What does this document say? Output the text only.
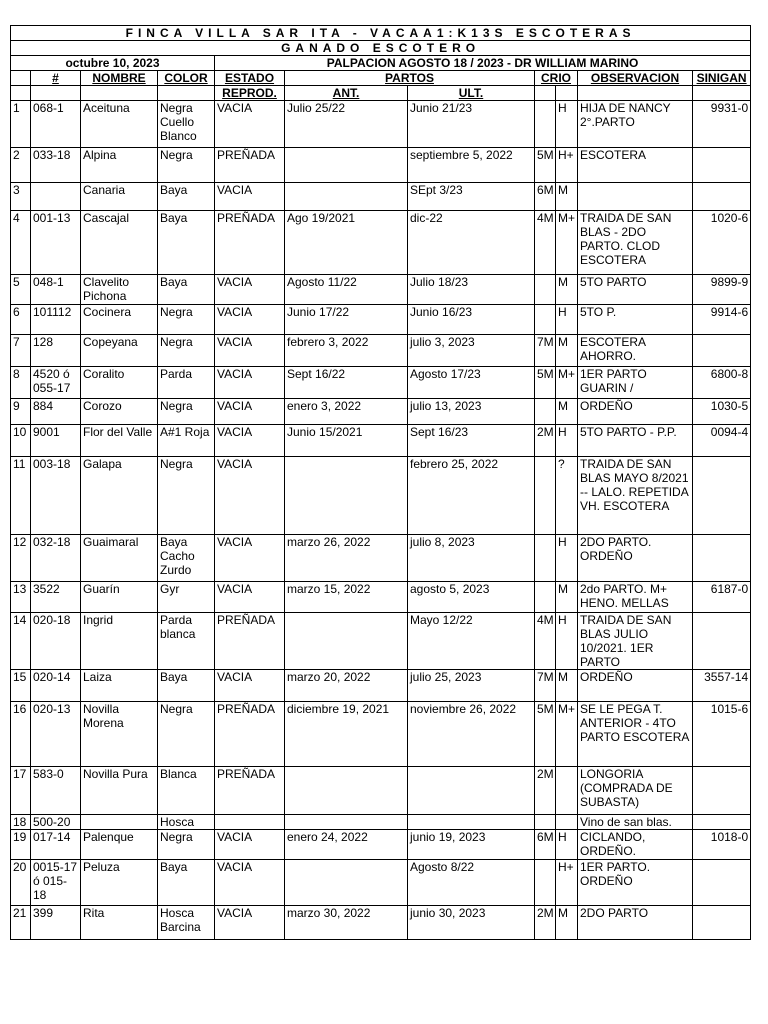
FINCA VILLA SAR ITA - VACAA1:K13S ESCOTERAS										
GANADO ESCOTERO										
octubre 10, 2023				PALPACION AGOSTO 18 / 2023 - DR WILLIAM MARINO						
	#	NOMBRE	COLOR	ESTADO	PARTOS		CRIO		OBSERVACION	SINIGAN
				REPROD.	ANT.	ULT.				
1	068-1	Aceituna	Negra Cuello Blanco	VACIA	Julio 25/22	Junio 21/23		H	HIJA DE NANCY 2°.PARTO	9931-0
2	033-18	Alpina	Negra	PREÑADA		septiembre 5, 2022	5M	H+	ESCOTERA	
3		Canaria	Baya	VACIA		SEpt 3/23	6M	M		
4	001-13	Cascajal	Baya	PREÑADA	Ago 19/2021	dic-22	4M	M+	TRAIDA DE SAN BLAS - 2DO PARTO. CLOD ESCOTERA	1020-6
5	048-1	Clavelito Pichona	Baya	VACIA	Agosto 11/22	Julio 18/23		M	5TO PARTO	9899-9
6	101112	Cocinera	Negra	VACIA	Junio 17/22	Junio 16/23		H	5TO P.	9914-6
7	128	Copeyana	Negra	VACIA	febrero 3, 2022	julio 3, 2023	7M	M	ESCOTERA AHORRO.	
8	4520 ó 055-17	Coralito	Parda	VACIA	Sept 16/22	Agosto 17/23	5M	M+	1ER PARTO GUARIN /	6800-8
9	884	Corozo	Negra	VACIA	enero 3, 2022	julio 13, 2023		M	ORDEÑO	1030-5
10	9001	Flor del Valle	A#1 Roja	VACIA	Junio 15/2021	Sept 16/23	2M	H	5TO PARTO - P.P.	0094-4
11	003-18	Galapa	Negra	VACIA		febrero 25, 2022		?	TRAIDA DE SAN BLAS MAYO 8/2021 -- LALO. REPETIDA VH. ESCOTERA	
12	032-18	Guaimaral	Baya Cacho Zurdo	VACIA	marzo 26, 2022	julio 8, 2023		H	2DO PARTO. ORDEÑO	
13	3522	Guarín	Gyr	VACIA	marzo 15, 2022	agosto 5, 2023		M	2do PARTO. M+ HENO. MELLAS	6187-0
14	020-18	Ingrid	Parda blanca	PREÑADA		Mayo 12/22	4M	H	TRAIDA DE SAN BLAS JULIO 10/2021. 1ER PARTO	
15	020-14	Laiza	Baya	VACIA	marzo 20, 2022	julio 25, 2023	7M	M	ORDEÑO	3557-14
16	020-13	Novilla Morena	Negra	PREÑADA	diciembre 19, 2021	noviembre 26, 2022	5M	M+	SE LE PEGA T. ANTERIOR - 4TO PARTO ESCOTERA	1015-6
17	583-0	Novilla Pura	Blanca	PREÑADA			2M		LONGORIA (COMPRADA DE SUBASTA)	
18	500-20		Hosca						Vino de san blas.	
19	017-14	Palenque	Negra	VACIA	enero 24, 2022	junio 19, 2023	6M	H	CICLANDO, ORDEÑO.	1018-0
20	0015-17 ó 015-18	Peluza	Baya	VACIA		Agosto 8/22		H+	1ER PARTO. ORDEÑO	
21	399	Rita	Hosca Barcina	VACIA	marzo 30, 2022	junio 30, 2023	2M	M	2DO PARTO	
